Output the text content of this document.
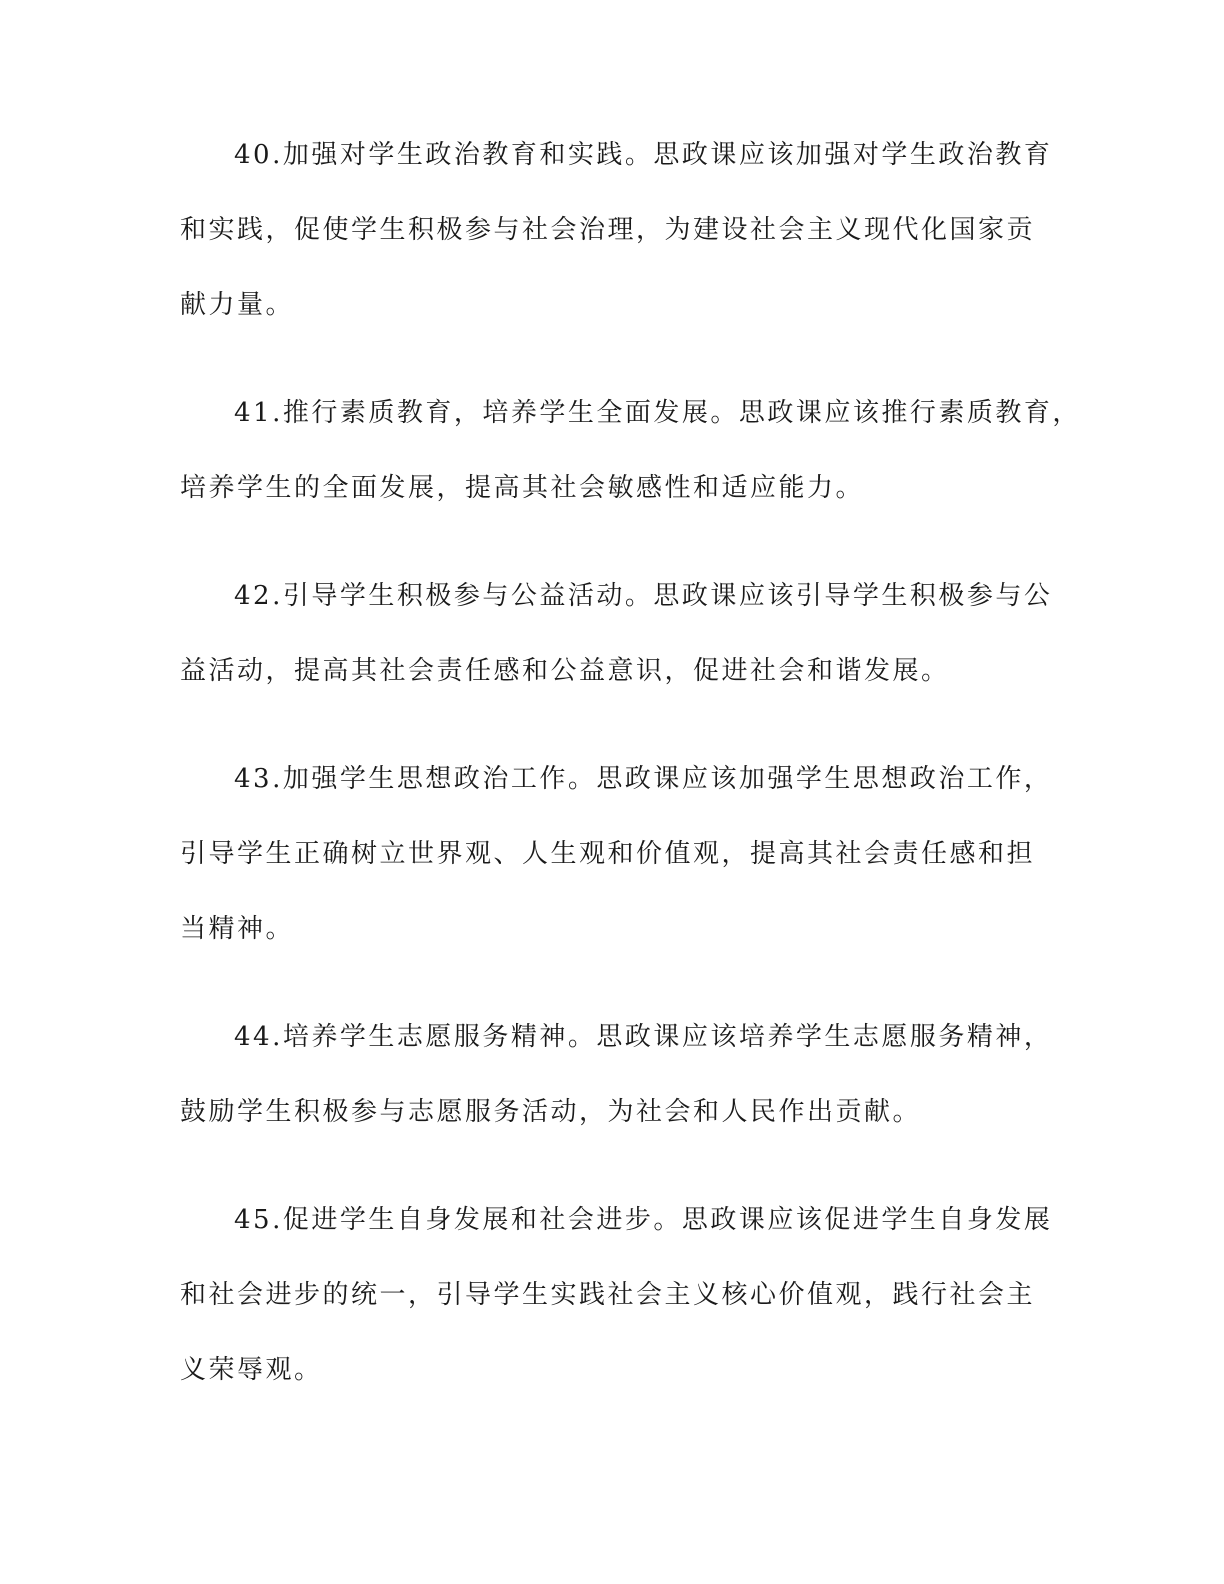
40.加强对学生政治教育和实践。思政课应该加强对学生政治教育
和实践，促使学生积极参与社会治理，为建设社会主义现代化国家贡
献力量。
41.推行素质教育，培养学生全面发展。思政课应该推行素质教育，
培养学生的全面发展，提高其社会敏感性和适应能力。
42.引导学生积极参与公益活动。思政课应该引导学生积极参与公
益活动，提高其社会责任感和公益意识，促进社会和谐发展。
43.加强学生思想政治工作。思政课应该加强学生思想政治工作，
引导学生正确树立世界观、人生观和价值观，提高其社会责任感和担
当精神。
44.培养学生志愿服务精神。思政课应该培养学生志愿服务精神，
鼓励学生积极参与志愿服务活动，为社会和人民作出贡献。
45.促进学生自身发展和社会进步。思政课应该促进学生自身发展
和社会进步的统一，引导学生实践社会主义核心价值观，践行社会主
义荣辱观。
